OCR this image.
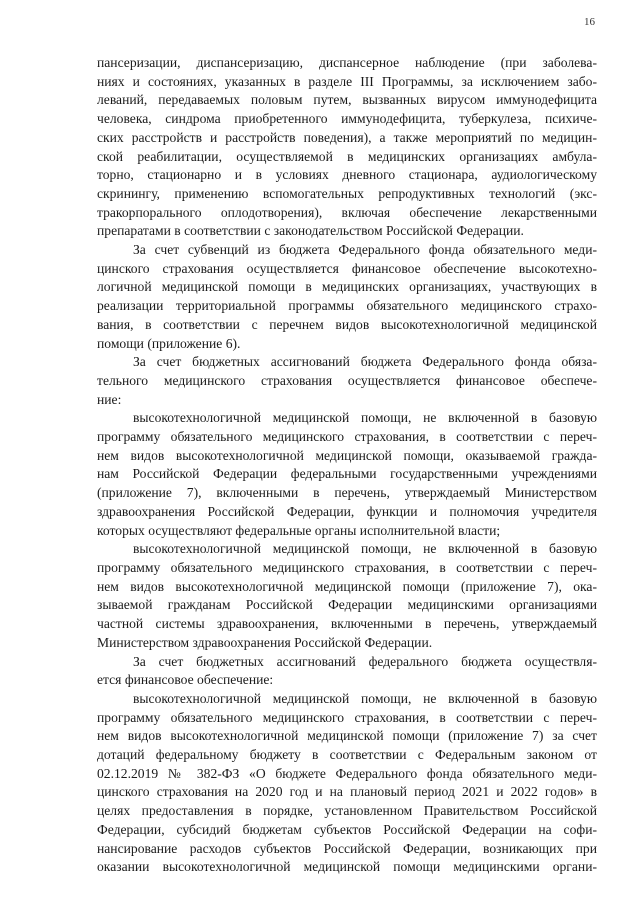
16
пансеризации, диспансеризацию, диспансерное наблюдение (при заболева-
ниях и состояниях, указанных в разделе III Программы, за исключением забо-
леваний, передаваемых половым путем, вызванных вирусом иммунодефицита
человека, синдрома приобретенного иммунодефицита, туберкулеза, психиче-
ских расстройств и расстройств поведения), а также мероприятий по медицин-
ской реабилитации, осуществляемой в медицинских организациях амбула-
торно, стационарно и в условиях дневного стационара, аудиологическому
скринингу, применению вспомогательных репродуктивных технологий (экс-
тракорпорального оплодотворения), включая обеспечение лекарственными
препаратами в соответствии с законодательством Российской Федерации.
За счет субвенций из бюджета Федерального фонда обязательного меди-
цинского страхования осуществляется финансовое обеспечение высокотехно-
логичной медицинской помощи в медицинских организациях, участвующих в
реализации территориальной программы обязательного медицинского страхо-
вания, в соответствии с перечнем видов высокотехнологичной медицинской
помощи (приложение 6).
За счет бюджетных ассигнований бюджета Федерального фонда обяза-
тельного медицинского страхования осуществляется финансовое обеспече-
ние:
высокотехнологичной медицинской помощи, не включенной в базовую
программу обязательного медицинского страхования, в соответствии с переч-
нем видов высокотехнологичной медицинской помощи, оказываемой гражда-
нам Российской Федерации федеральными государственными учреждениями
(приложение 7), включенными в перечень, утверждаемый Министерством
здравоохранения Российской Федерации, функции и полномочия учредителя
которых осуществляют федеральные органы исполнительной власти;
высокотехнологичной медицинской помощи, не включенной в базовую
программу обязательного медицинского страхования, в соответствии с переч-
нем видов высокотехнологичной медицинской помощи (приложение 7), ока-
зываемой гражданам Российской Федерации медицинскими организациями
частной системы здравоохранения, включенными в перечень, утверждаемый
Министерством здравоохранения Российской Федерации.
За счет бюджетных ассигнований федерального бюджета осуществля-
ется финансовое обеспечение:
высокотехнологичной медицинской помощи, не включенной в базовую
программу обязательного медицинского страхования, в соответствии с переч-
нем видов высокотехнологичной медицинской помощи (приложение 7) за счет
дотаций федеральному бюджету в соответствии с Федеральным законом от
02.12.2019 № 382-ФЗ «О бюджете Федерального фонда обязательного меди-
цинского страхования на 2020 год и на плановый период 2021 и 2022 годов» в
целях предоставления в порядке, установленном Правительством Российской
Федерации, субсидий бюджетам субъектов Российской Федерации на софи-
нансирование расходов субъектов Российской Федерации, возникающих при
оказании высокотехнологичной медицинской помощи медицинскими органи-
